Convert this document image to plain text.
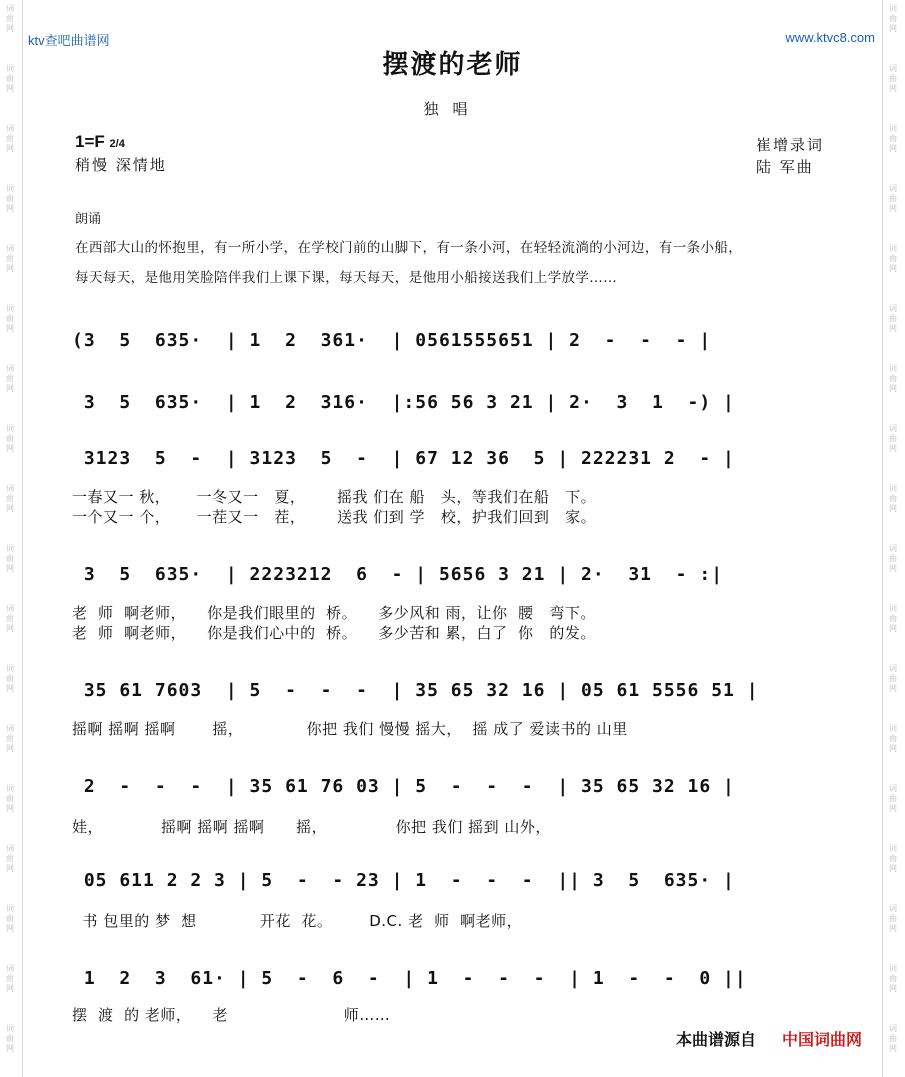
词
曲
网
词
曲
网
词
曲
网
词
曲
网
词
曲
网
词
曲
网
词
曲
网
词
曲
网
词
曲
网
词
曲
网
词
曲
网
词
曲
网
词
曲
网
词
曲
网
词
曲
网
词
曲
网
词
曲
网
词
曲
网
词
曲
网
词
曲
网
词
曲
网
词
曲
网
词
曲
网
词
曲
网
词
曲
网
词
曲
网
词
曲
网
词
曲
网
词
曲
网
词
曲
网
词
曲
网
词
曲
网
词
曲
网
词
曲
网
词
曲
网
词
曲
网
ktv查吧曲谱网	www.ktvc8.com
摆渡的老师
独唱
1=F 2/4
稍慢 深情地
崔增录词
陆 军曲
朗诵
在西部大山的怀抱里，有一所小学，在学校门前的山脚下，有一条小河，在轻轻流淌的小河边，有一条小船，
每天每天，是他用笑脸陪伴我们上课下课，每天每天，是他用小船接送我们上学放学……
(3  5  635·  | 1  2  361·  | 0561555651 | 2  -  -  - |
3  5  635·  | 1  2  316·  |:56 56 3 21 | 2·  3  1  -) |
3123  5  -  | 3123  5  -  | 67 12 36  5 | 222231 2  - |
一春又一 秋，     一冬又一   夏，      摇我 们在 船   头，等我们在船   下。
一个又一 个，     一茬又一   茬，      送我 们到 学   校，护我们回到   家。
3  5  635·  | 2223212  6  - | 5656 3 21 | 2·  31  - :|
老  师  啊老师，    你是我们眼里的  桥。    多少风和 雨，让你  腰   弯下。
老  师  啊老师，    你是我们心中的  桥。    多少苦和 累，白了  你   的发。
35 61 7603  | 5  -  -  -  | 35 65 32 16 | 05 61 5556 51 |
摇啊 摇啊 摇啊       摇，            你把 我们 慢慢 摇大，  摇 成了 爱读书的 山里
2  -  -  -  | 35 61 76 03 | 5  -  -  -  | 35 65 32 16 |
娃，           摇啊 摇啊 摇啊      摇，             你把 我们 摇到 山外，
05 611 2 2 3 | 5  -  - 23 | 1  -  -  -  || 3  5  635· |
书 包里的 梦  想            开花  花。       D.C. 老  师  啊老师，
1  2  3  61· | 5  -  6  -  | 1  -  -  -  | 1  -  -  0 ||
摆  渡  的 老师，    老                      师……
本曲谱源自 中国词曲网
